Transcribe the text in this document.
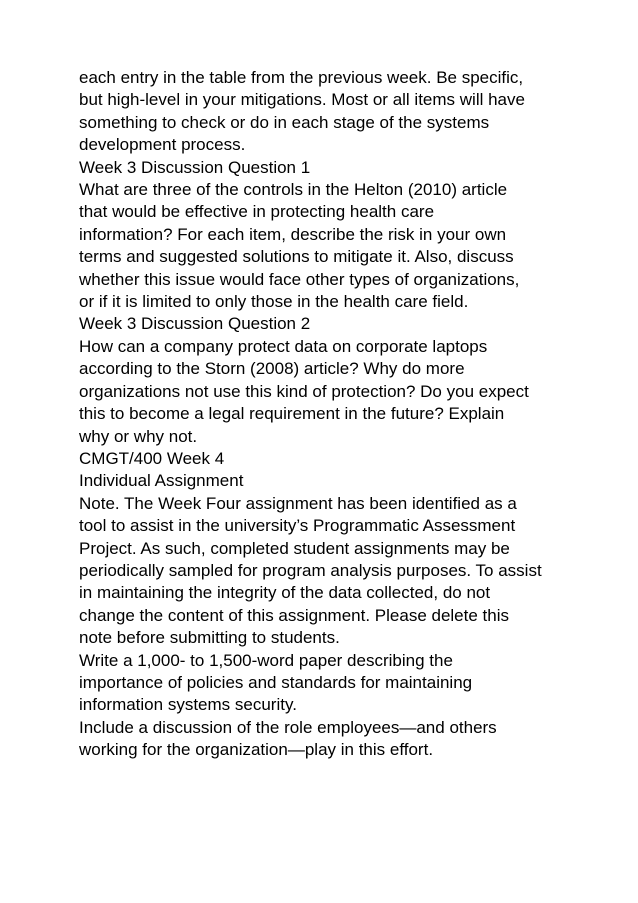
each entry in the table from the previous week. Be specific,
but high-level in your mitigations. Most or all items will have
something to check or do in each stage of the systems
development process.
Week 3 Discussion Question 1
What are three of the controls in the Helton (2010) article
that would be effective in protecting health care
information? For each item, describe the risk in your own
terms and suggested solutions to mitigate it. Also, discuss
whether this issue would face other types of organizations,
or if it is limited to only those in the health care field.
Week 3 Discussion Question 2
How can a company protect data on corporate laptops
according to the Storn (2008) article? Why do more
organizations not use this kind of protection? Do you expect
this to become a legal requirement in the future? Explain
why or why not.
CMGT/400 Week 4
Individual Assignment
Note. The Week Four assignment has been identified as a
tool to assist in the university’s Programmatic Assessment
Project. As such, completed student assignments may be
periodically sampled for program analysis purposes. To assist
in maintaining the integrity of the data collected, do not
change the content of this assignment. Please delete this
note before submitting to students.
Write a 1,000- to 1,500-word paper describing the
importance of policies and standards for maintaining
information systems security.
Include a discussion of the role employees—and others
working for the organization—play in this effort.
